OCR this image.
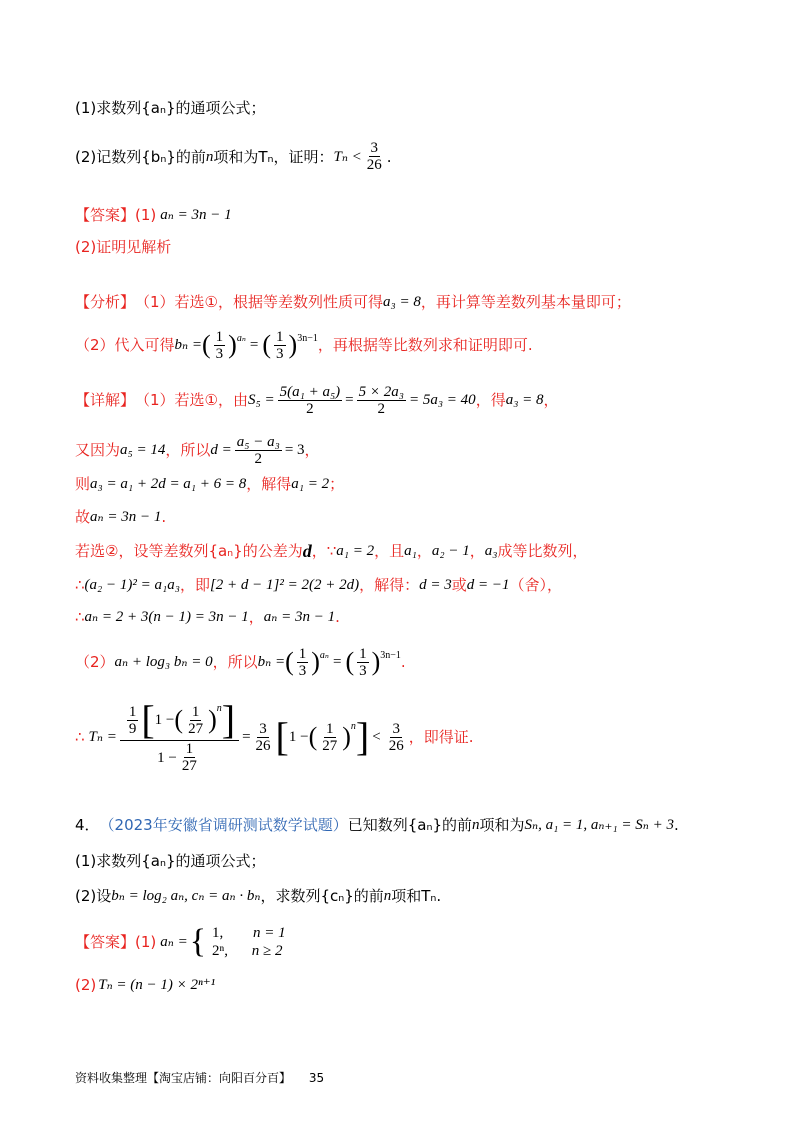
(1)求数列{aₙ}的通项公式；
(2)记数列{bₙ}的前 n 项和为Tₙ，证明： $T_n < \frac{3}{26}$ .
【答案】 (1) aₙ = 3n − 1
(2)证明见解析
【分析】 （1）若选①，根据等差数列性质可得 a₃ = 8 ，再计算等差数列基本量即可；
（2）代入可得 bₙ = ( $\frac{1}{3} )^{a_n}$ = ( $\frac{1}{3} )^{3n-1}$ ，再根据等比数列求和证明即可.
【详解】 （1）若选①，由 $S_5 = \frac{\text{5(a₁ + a₅)}}{2} = \frac{\text{5 × 2a₃}}{2} = 5a_3 = 40$ ，得 a₃ = 8 ，
又因为 a₅ = 14 ，所以 $d = \frac{\text{a₅ − a₃}}{2} = 3$ ，
则 a₃ = a₁ + 2d = a₁ + 6 = 8 ，解得 a₁ = 2 ；
故 aₙ = 3n − 1 .
若选②，设等差数列{aₙ}的公差为 d ，∵ a₁ = 2 ，且 a₁ ， a₂ − 1 ， a₃ 成等比数列，
∴ (a₂ − 1)² = a₁a₃ ，即 [2 + d − 1]² = 2(2 + 2d) ，解得： d = 3 或 d = −1 （舍），
∴ aₙ = 2 + 3(n − 1) = 3n − 1 ， aₙ = 3n − 1 .
（2） aₙ + log₃ bₙ = 0 ，所以 bₙ = ( $\frac{1}{3} )^{a_n}$ = ( $\frac{1}{3} )^{3n-1}$ .
∴ Tₙ =
$\frac{1}{9}$ [ 1 − ( $\frac{1}{27} )^n$ ]
$1 - \frac{1}{27}$
= $\frac{3}{26}$ [ 1 − ( $\frac{1}{27} )^n$ ] < $\frac{3}{26}$ ，即得证.
4． （2023年安徽省调研测试数学试题） 已知数列{aₙ}的前 n 项和为 Sₙ, a₁ = 1, aₙ₊₁ = Sₙ + 3 .
(1)求数列{aₙ}的通项公式；
(2)设 bₙ = log₂ aₙ, cₙ = aₙ · bₙ ，求数列{cₙ}的前 n 项和Tₙ.
【答案】 (1) aₙ = { 1, n = 1
2ⁿ, n ≥ 2
(2) Tₙ = (n − 1) × 2ⁿ⁺¹
资料收集整理【淘宝店铺：向阳百分百】 35
